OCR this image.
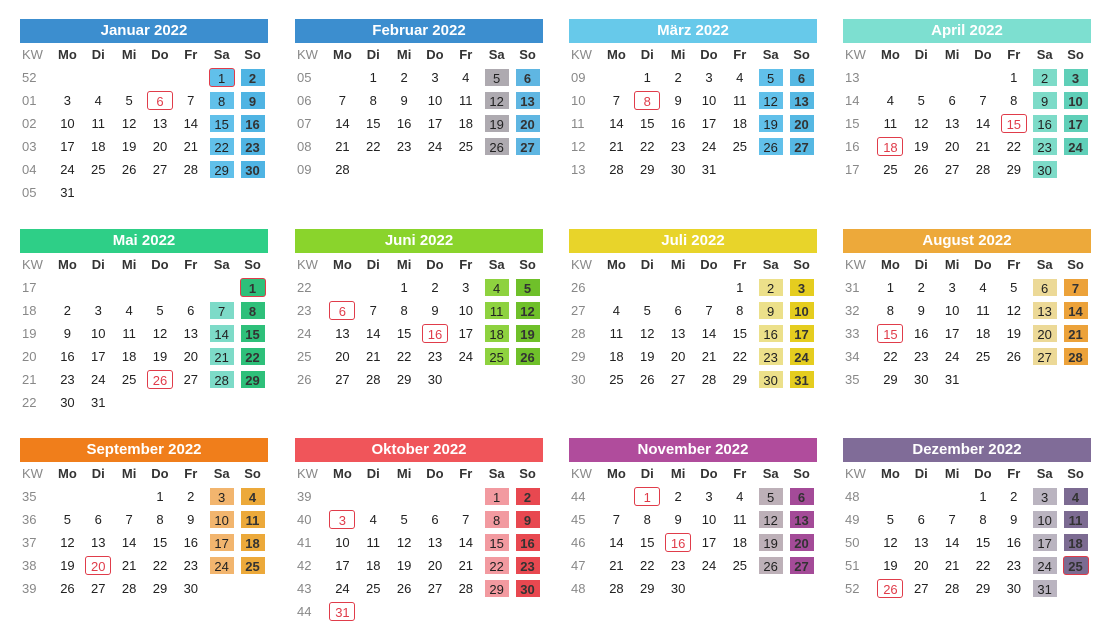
Januar 2022
KW	Mo	Di	Mi	Do	Fr	Sa	So
52						1	2
01	3	4	5	6	7	8	9
02	10	11	12	13	14	15	16
03	17	18	19	20	21	22	23
04	24	25	26	27	28	29	30
05	31						
Februar 2022
KW	Mo	Di	Mi	Do	Fr	Sa	So
05		1	2	3	4	5	6
06	7	8	9	10	11	12	13
07	14	15	16	17	18	19	20
08	21	22	23	24	25	26	27
09	28						
März 2022
KW	Mo	Di	Mi	Do	Fr	Sa	So
09		1	2	3	4	5	6
10	7	8	9	10	11	12	13
11	14	15	16	17	18	19	20
12	21	22	23	24	25	26	27
13	28	29	30	31			
April 2022
KW	Mo	Di	Mi	Do	Fr	Sa	So
13					1	2	3
14	4	5	6	7	8	9	10
15	11	12	13	14	15	16	17
16	18	19	20	21	22	23	24
17	25	26	27	28	29	30	
Mai 2022
KW	Mo	Di	Mi	Do	Fr	Sa	So
17							1
18	2	3	4	5	6	7	8
19	9	10	11	12	13	14	15
20	16	17	18	19	20	21	22
21	23	24	25	26	27	28	29
22	30	31					
Juni 2022
KW	Mo	Di	Mi	Do	Fr	Sa	So
22			1	2	3	4	5
23	6	7	8	9	10	11	12
24	13	14	15	16	17	18	19
25	20	21	22	23	24	25	26
26	27	28	29	30			
Juli 2022
KW	Mo	Di	Mi	Do	Fr	Sa	So
26					1	2	3
27	4	5	6	7	8	9	10
28	11	12	13	14	15	16	17
29	18	19	20	21	22	23	24
30	25	26	27	28	29	30	31
August 2022
KW	Mo	Di	Mi	Do	Fr	Sa	So
31	1	2	3	4	5	6	7
32	8	9	10	11	12	13	14
33	15	16	17	18	19	20	21
34	22	23	24	25	26	27	28
35	29	30	31				
September 2022
KW	Mo	Di	Mi	Do	Fr	Sa	So
35				1	2	3	4
36	5	6	7	8	9	10	11
37	12	13	14	15	16	17	18
38	19	20	21	22	23	24	25
39	26	27	28	29	30		
Oktober 2022
KW	Mo	Di	Mi	Do	Fr	Sa	So
39						1	2
40	3	4	5	6	7	8	9
41	10	11	12	13	14	15	16
42	17	18	19	20	21	22	23
43	24	25	26	27	28	29	30
44	31						
November 2022
KW	Mo	Di	Mi	Do	Fr	Sa	So
44		1	2	3	4	5	6
45	7	8	9	10	11	12	13
46	14	15	16	17	18	19	20
47	21	22	23	24	25	26	27
48	28	29	30				
Dezember 2022
KW	Mo	Di	Mi	Do	Fr	Sa	So
48				1	2	3	4
49	5	6	7	8	9	10	11
50	12	13	14	15	16	17	18
51	19	20	21	22	23	24	25
52	26	27	28	29	30	31	
